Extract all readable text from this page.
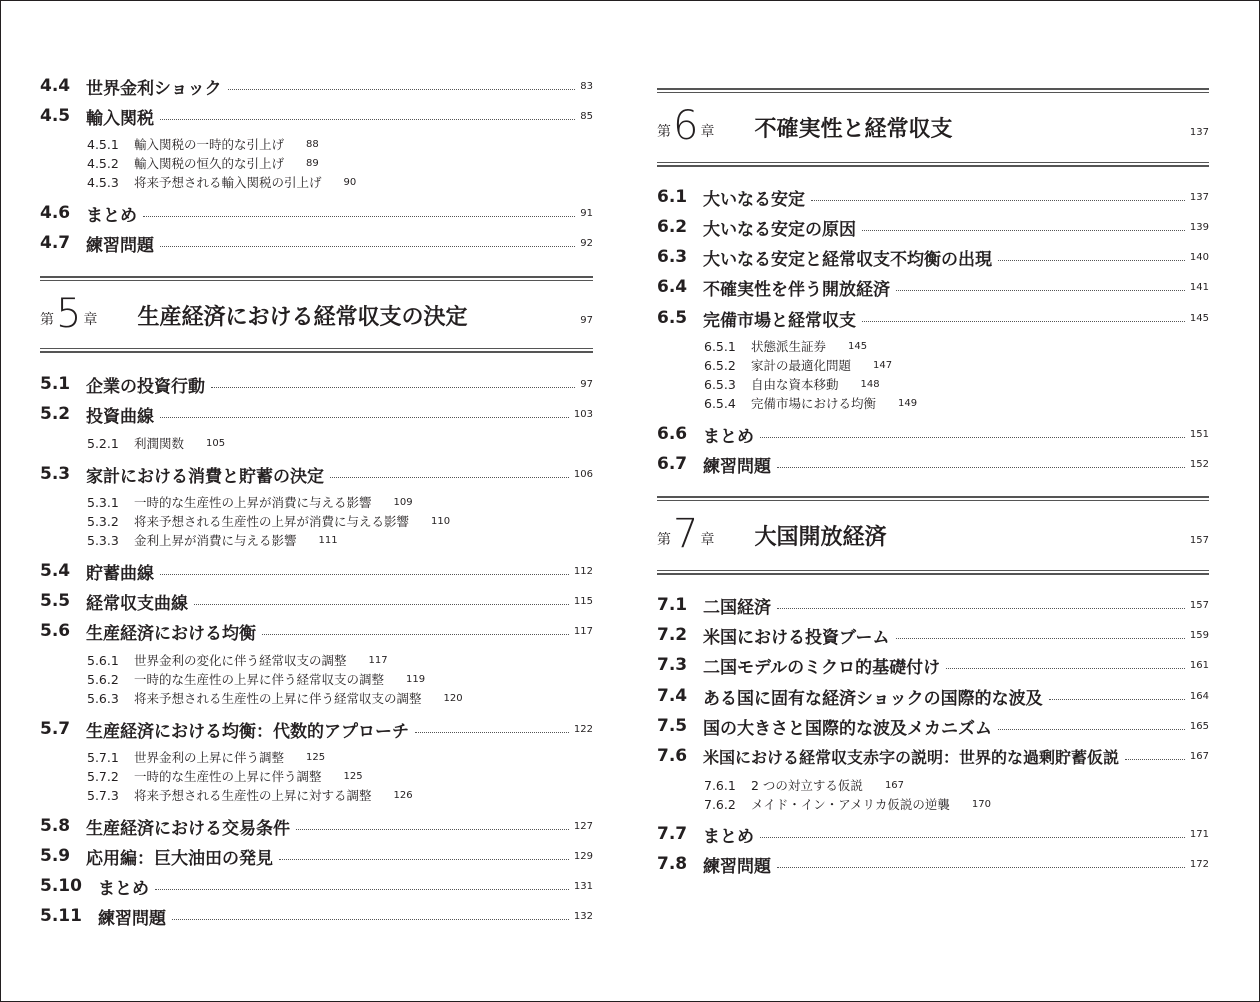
4.4 世界金利ショック	83
4.5 輸入関税	85
4.5.1	輸入関税の一時的な引上げ 88
4.5.2	輸入関税の恒久的な引上げ 89
4.5.3	将来予想される輸入関税の引上げ 90
4.6 まとめ	91
4.7 練習問題	92
第 5 章 生産経済における経常収支の決定	97
5.1 企業の投資行動	97
5.2 投資曲線	103
5.2.1	利潤関数 105
5.3 家計における消費と貯蓄の決定	106
5.3.1	一時的な生産性の上昇が消費に与える影響 109
5.3.2	将来予想される生産性の上昇が消費に与える影響 110
5.3.3	金利上昇が消費に与える影響 111
5.4 貯蓄曲線	112
5.5 経常収支曲線	115
5.6 生産経済における均衡	117
5.6.1	世界金利の変化に伴う経常収支の調整 117
5.6.2	一時的な生産性の上昇に伴う経常収支の調整 119
5.6.3	将来予想される生産性の上昇に伴う経常収支の調整 120
5.7 生産経済における均衡：代数的アプローチ	122
5.7.1	世界金利の上昇に伴う調整 125
5.7.2	一時的な生産性の上昇に伴う調整 125
5.7.3	将来予想される生産性の上昇に対する調整 126
5.8 生産経済における交易条件	127
5.9 応用編：巨大油田の発見	129
5.10 まとめ	131
5.11 練習問題	132
第 6 章 不確実性と経常収支	137
6.1 大いなる安定	137
6.2 大いなる安定の原因	139
6.3 大いなる安定と経常収支不均衡の出現	140
6.4 不確実性を伴う開放経済	141
6.5 完備市場と経常収支	145
6.5.1	状態派生証券 145
6.5.2	家計の最適化問題 147
6.5.3	自由な資本移動 148
6.5.4	完備市場における均衡 149
6.6 まとめ	151
6.7 練習問題	152
第 7 章 大国開放経済	157
7.1 二国経済	157
7.2 米国における投資ブーム	159
7.3 二国モデルのミクロ的基礎付け	161
7.4 ある国に固有な経済ショックの国際的な波及	164
7.5 国の大きさと国際的な波及メカニズム	165
7.6 米国における経常収支赤字の説明：世界的な過剰貯蓄仮説	167
7.6.1	2 つの対立する仮説 167
7.6.2	メイド・イン・アメリカ仮説の逆襲 170
7.7 まとめ	171
7.8 練習問題	172
